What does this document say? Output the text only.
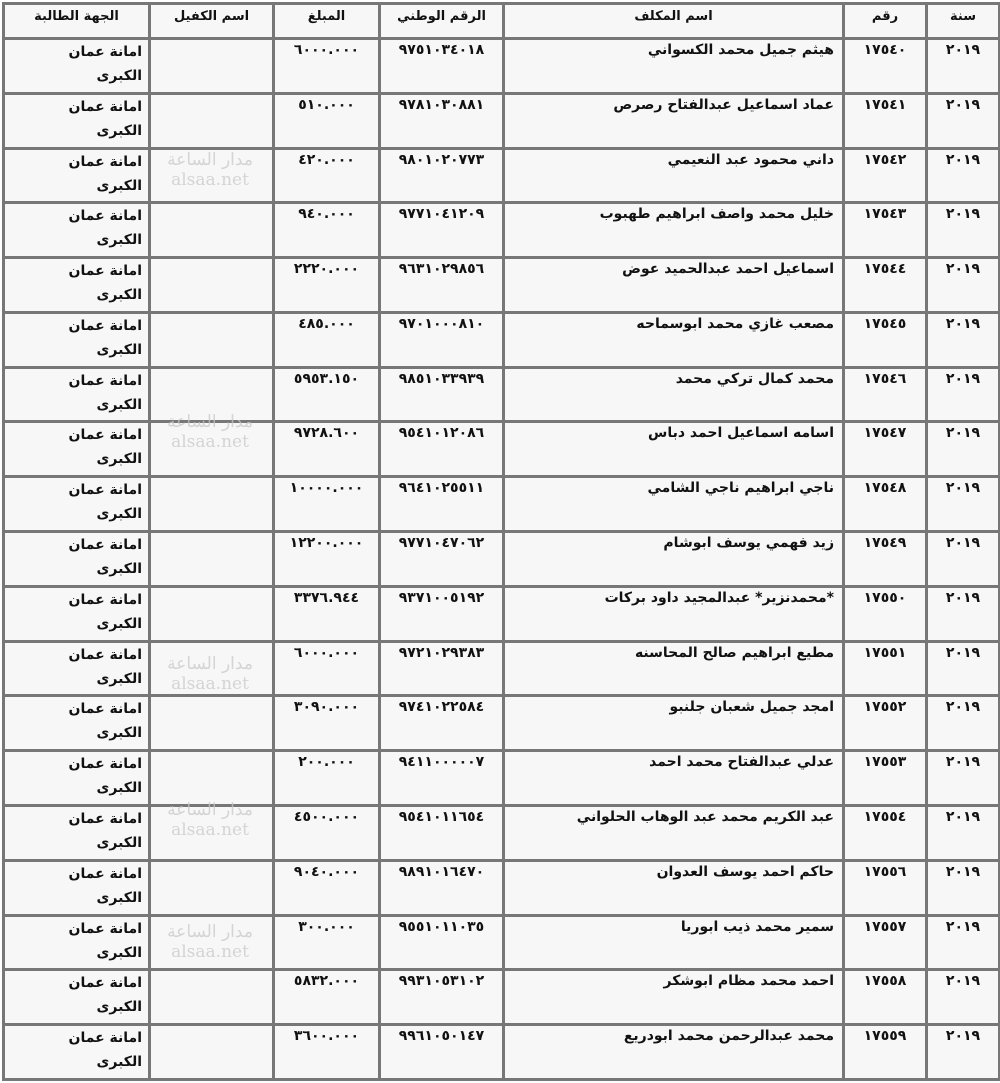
سنة	رقم	اسم المكلف	الرقم الوطني	المبلغ	اسم الكفيل	الجهة الطالبة
٢٠١٩	١٧٥٤٠	هيثم جميل محمد الكسواني	٩٧٥١٠٣٤٠١٨	٦٠٠٠.٠٠٠		امانة عمان
الكبرى

٢٠١٩	١٧٥٤١	عماد اسماعيل عبدالفتاح رصرص	٩٧٨١٠٣٠٨٨١	٥١٠.٠٠٠		امانة عمان
الكبرى

٢٠١٩	١٧٥٤٢	داني محمود عبد النعيمي	٩٨٠١٠٢٠٧٧٣	٤٢٠.٠٠٠		امانة عمان
الكبرى

٢٠١٩	١٧٥٤٣	خليل محمد واصف ابراهيم طهبوب	٩٧٧١٠٤١٢٠٩	٩٤٠.٠٠٠		امانة عمان
الكبرى

٢٠١٩	١٧٥٤٤	اسماعيل احمد عبدالحميد عوض	٩٦٣١٠٢٩٨٥٦	٢٢٢٠.٠٠٠		امانة عمان
الكبرى

٢٠١٩	١٧٥٤٥	مصعب غازي محمد ابوسماحه	٩٧٠١٠٠٠٨١٠	٤٨٥.٠٠٠		امانة عمان
الكبرى

٢٠١٩	١٧٥٤٦	محمد كمال تركي محمد	٩٨٥١٠٣٣٩٣٩	٥٩٥٣.١٥٠		امانة عمان
الكبرى

٢٠١٩	١٧٥٤٧	اسامه اسماعيل احمد دباس	٩٥٤١٠١٢٠٨٦	٩٧٢٨.٦٠٠		امانة عمان
الكبرى

٢٠١٩	١٧٥٤٨	ناجي ابراهيم ناجي الشامي	٩٦٤١٠٢٥٥١١	١٠٠٠٠.٠٠٠		امانة عمان
الكبرى

٢٠١٩	١٧٥٤٩	زيد فهمي يوسف ابوشام	٩٧٧١٠٤٧٠٦٢	١٢٢٠٠.٠٠٠		امانة عمان
الكبرى

٢٠١٩	١٧٥٥٠	*محمدنزير* عبدالمجيد داود بركات	٩٣٧١٠٠٥١٩٢	٣٣٧٦.٩٤٤		امانة عمان
الكبرى

٢٠١٩	١٧٥٥١	مطيع ابراهيم صالح المحاسنه	٩٧٢١٠٢٩٣٨٣	٦٠٠٠.٠٠٠		امانة عمان
الكبرى

٢٠١٩	١٧٥٥٢	امجد جميل شعبان جلنبو	٩٧٤١٠٢٢٥٨٤	٣٠٩٠.٠٠٠		امانة عمان
الكبرى

٢٠١٩	١٧٥٥٣	عدلي عبدالفتاح محمد احمد	٩٤١١٠٠٠٠٠٧	٢٠٠.٠٠٠		امانة عمان
الكبرى

٢٠١٩	١٧٥٥٤	عبد الكريم محمد عبد الوهاب الحلواني	٩٥٤١٠١١٦٥٤	٤٥٠٠.٠٠٠		امانة عمان
الكبرى

٢٠١٩	١٧٥٥٦	حاكم احمد يوسف العدوان	٩٨٩١٠١٦٤٧٠	٩٠٤٠.٠٠٠		امانة عمان
الكبرى

٢٠١٩	١٧٥٥٧	سمير محمد ذيب ابوريا	٩٥٥١٠١١٠٣٥	٣٠٠.٠٠٠		امانة عمان
الكبرى

٢٠١٩	١٧٥٥٨	احمد محمد مظام ابوشكر	٩٩٣١٠٥٣١٠٢	٥٨٣٢.٠٠٠		امانة عمان
الكبرى

٢٠١٩	١٧٥٥٩	محمد عبدالرحمن محمد ابودريع	٩٩٦١٠٥٠١٤٧	٣٦٠٠.٠٠٠		امانة عمان
الكبرى
مدار الساعة
alsaa.net
مدار الساعة
alsaa.net
مدار الساعة
alsaa.net
مدار الساعة
alsaa.net
مدار الساعة
alsaa.net
